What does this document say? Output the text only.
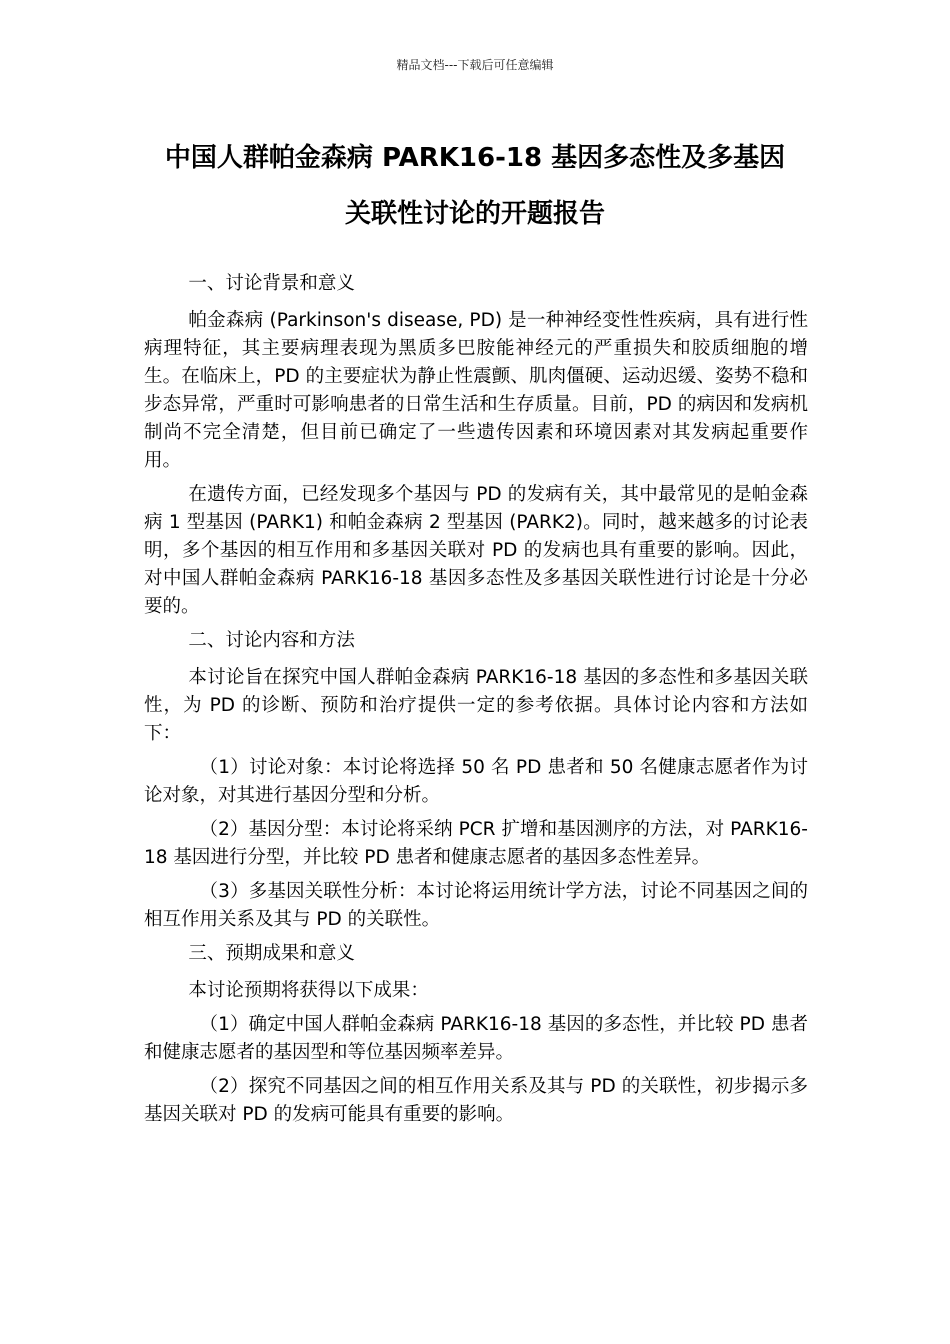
精品文档---下载后可任意编辑
中国人群帕金森病 PARK16-18 基因多态性及多基因
关联性讨论的开题报告

一、讨论背景和意义

帕金森病 (Parkinson's disease, PD) 是一种神经变性性疾病，具有进行性病理特征，其主要病理表现为黑质多巴胺能神经元的严重损失和胶质细胞的增生。在临床上，PD 的主要症状为静止性震颤、肌肉僵硬、运动迟缓、姿势不稳和步态异常，严重时可影响患者的日常生活和生存质量。目前，PD 的病因和发病机制尚不完全清楚，但目前已确定了一些遗传因素和环境因素对其发病起重要作用。

在遗传方面，已经发现多个基因与 PD 的发病有关，其中最常见的是帕金森病 1 型基因 (PARK1) 和帕金森病 2 型基因 (PARK2)。同时，越来越多的讨论表明，多个基因的相互作用和多基因关联对 PD 的发病也具有重要的影响。因此，对中国人群帕金森病 PARK16-18 基因多态性及多基因关联性进行讨论是十分必要的。

二、讨论内容和方法

本讨论旨在探究中国人群帕金森病 PARK16-18 基因的多态性和多基因关联性，为 PD 的诊断、预防和治疗提供一定的参考依据。具体讨论内容和方法如下：

（1）讨论对象：本讨论将选择 50 名 PD 患者和 50 名健康志愿者作为讨论对象，对其进行基因分型和分析。

（2）基因分型：本讨论将采纳 PCR 扩增和基因测序的方法，对 PARK16-18 基因进行分型，并比较 PD 患者和健康志愿者的基因多态性差异。

（3）多基因关联性分析：本讨论将运用统计学方法，讨论不同基因之间的相互作用关系及其与 PD 的关联性。

三、预期成果和意义

本讨论预期将获得以下成果：

（1）确定中国人群帕金森病 PARK16-18 基因的多态性，并比较 PD 患者和健康志愿者的基因型和等位基因频率差异。

（2）探究不同基因之间的相互作用关系及其与 PD 的关联性，初步揭示多基因关联对 PD 的发病可能具有重要的影响。
